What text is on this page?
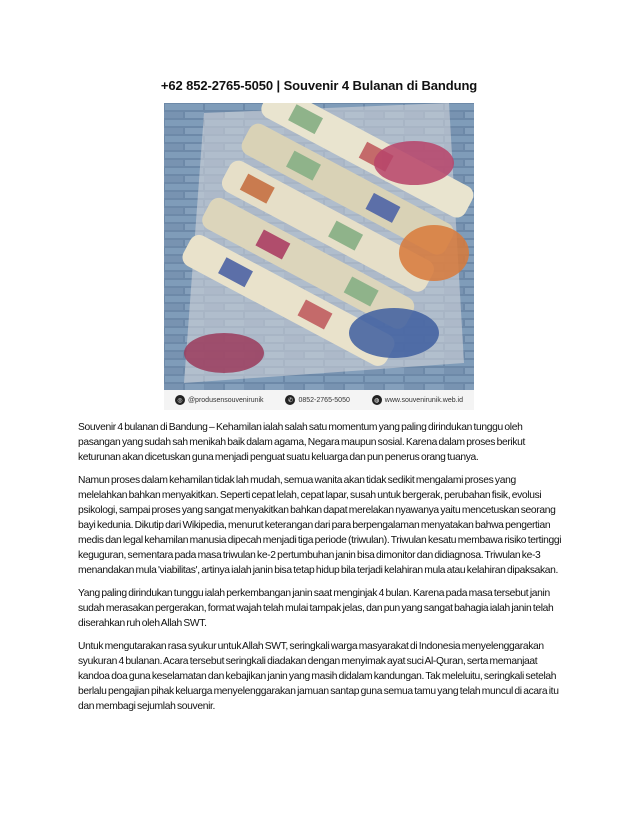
+62 852-2765-5050 | Souvenir 4 Bulanan di Bandung
◎ @produsensouvenirunik	✆ 0852-2765-5050	◍ www.souvenirunik.web.id

Souvenir 4 bulanan di Bandung – Kehamilan ialah salah satu momentum yang paling dirindukan tunggu oleh pasangan yang sudah sah menikah baik dalam agama, Negara maupun sosial. Karena dalam proses berikut keturunan akan dicetuskan guna menjadi penguat suatu keluarga dan pun penerus orang tuanya.

Namun proses dalam kehamilan tidak lah mudah, semua wanita akan tidak sedikit mengalami proses yang melelahkan bahkan menyakitkan. Seperti cepat lelah, cepat lapar, susah untuk bergerak, perubahan fisik, evolusi psikologi, sampai proses yang sangat menyakitkan bahkan dapat merelakan nyawanya yaitu mencetuskan seorang bayi kedunia. Dikutip dari Wikipedia, menurut keterangan dari para berpengalaman menyatakan bahwa pengertian medis dan legal kehamilan manusia dipecah menjadi tiga periode (triwulan). Triwulan kesatu membawa risiko tertinggi keguguran, sementara pada masa triwulan ke-2 pertumbuhan janin bisa dimonitor dan didiagnosa. Triwulan ke-3 menandakan mula 'viabilitas', artinya ialah janin bisa tetap hidup bila terjadi kelahiran mula atau kelahiran dipaksakan.

Yang paling dirindukan tunggu ialah perkembangan janin saat menginjak 4 bulan. Karena pada masa tersebut janin sudah merasakan pergerakan, format wajah telah mulai tampak jelas, dan pun yang sangat bahagia ialah janin telah diserahkan ruh oleh Allah SWT.

Untuk mengutarakan rasa syukur untuk Allah SWT, seringkali warga masyarakat di Indonesia menyelenggarakan syukuran 4 bulanan. Acara tersebut seringkali diadakan dengan menyimak ayat suci Al-Quran, serta memanjaat kandoa doa guna keselamatan dan kebajikan janin yang masih didalam kandungan. Tak meleluitu, seringkali setelah berlalu pengajian pihak keluarga menyelenggarakan jamuan santap guna semua tamu yang telah muncul di acara itu dan membagi sejumlah souvenir.
